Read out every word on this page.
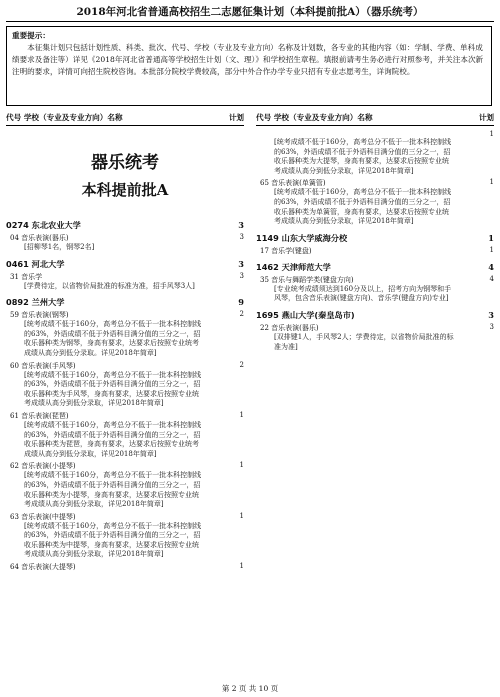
2018年河北省普通高校招生二志愿征集计划（本科提前批A）（器乐统考）
重要提示：

本征集计划只包括计划性质、科类、批次、代号、学校（专业及专业方向）名称及计划数，各专业的其他内容（如：学制、学费、单科成绩要求及备注等）详见《2018年河北省普通高等学校招生计划（文、理）》和学校招生章程。填报前请考生务必进行对照参考，并关注本次新注明的要求，详情可向招生院校咨询。本批部分院校学费较高，部分中外合作办学专业只招有专业志愿考生，详询院校。

代号 学校（专业及专业方向）名称	计划
器乐统考
本科提前批A
0274 东北农业大学	3
04 音乐表演(器乐)	3
[招柳琴1名，钢琴2名]
0461 河北大学	3
31 音乐学	3
[学费待定，以省物价局批准的标准为准，招手风琴3人]
0892 兰州大学	9
59 音乐表演(钢琴)	2
[统考成绩不低于160分，高考总分不低于一批本科控制线的63%，外语成绩不低于外语科目满分值的三分之一，招收乐器种类为钢琴，身高有要求，达要求后按照专业统考成绩从高分到低分录取。详见2018年简章]
60 音乐表演(手风琴)	2
[统考成绩不低于160分，高考总分不低于一批本科控制线的63%，外语成绩不低于外语科目满分值的三分之一，招收乐器种类为手风琴，身高有要求，达要求后按照专业统考成绩从高分到低分录取，详见2018年简章]
61 音乐表演(琵琶)	1
[统考成绩不低于160分，高考总分不低于一批本科控制线的63%，外语成绩不低于外语科目满分值的三分之一，招收乐器种类为琵琶，身高有要求，达要求后按照专业统考成绩从高分到低分录取，详见2018年简章]
62 音乐表演(小提琴)	1
[统考成绩不低于160分，高考总分不低于一批本科控制线的63%，外语成绩不低于外语科目满分值的三分之一，招收乐器种类为小提琴，身高有要求，达要求后按照专业统考成绩从高分到低分录取，详见2018年简章]
63 音乐表演(中提琴)	1
[统考成绩不低于160分，高考总分不低于一批本科控制线的63%，外语成绩不低于外语科目满分值的三分之一，招收乐器种类为中提琴，身高有要求，达要求后按照专业统考成绩从高分到低分录取，详见2018年简章]
64 音乐表演(大提琴)	1
代号 学校（专业及专业方向）名称	计划
1
[统考成绩不低于160分，高考总分不低于一批本科控制线的63%，外语成绩不低于外语科目满分值的三分之一，招收乐器种类为大提琴，身高有要求，达要求后按照专业统考成绩从高分到低分录取，详见2018年简章]
65 音乐表演(单簧管)	1
[统考成绩不低于160分，高考总分不低于一批本科控制线的63%，外语成绩不低于外语科目满分值的三分之一，招收乐器种类为单簧管，身高有要求，达要求后按照专业统考成绩从高分到低分录取，详见2018年简章]
1149 山东大学威海分校	1
17 音乐学(键盘)	1
1462 天津师范大学	4
35 音乐与舞蹈学类(键盘方向)	4
[专业统考成绩须达到160分及以上，招考方向为钢琴和手风琴，包含音乐表演(键盘方向)、音乐学(键盘方向)专业]
1695 燕山大学(秦皇岛市)	3
22 音乐表演(器乐)	3
[双排键1人，手风琴2人；学费待定，以省物价局批准的标准为准]
第 2 页 共 10 页
